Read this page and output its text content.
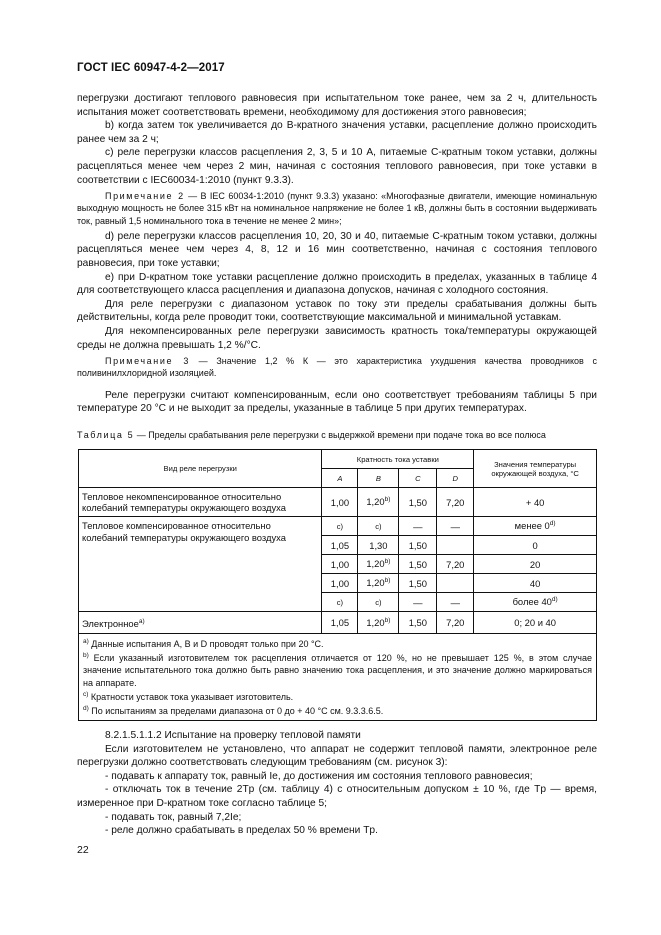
ГОСТ IEC 60947-4-2—2017

перегрузки достигают теплового равновесия при испытательном токе ранее, чем за 2 ч, длительность испытания может соответствовать времени, необходимому для достижения этого равновесия;

b) когда затем ток увеличивается до B-кратного значения уставки, расцепление должно происходить ранее чем за 2 ч;

с) реле перегрузки классов расцепления 2, 3, 5 и 10 А, питаемые C-кратным током уставки, должны расцепляться менее чем через 2 мин, начиная с состояния теплового равновесия, при токе уставки в соответствии с IEC60034-1:2010 (пункт 9.3.3).

Примечание 2 — В IEC 60034-1:2010 (пункт 9.3.3) указано: «Многофазные двигатели, имеющие номинальную выходную мощность не более 315 кВт на номинальное напряжение не более 1 кВ, должны быть в состоянии выдерживать ток, равный 1,5 номинального тока в течение не менее 2 мин»;

d) реле перегрузки классов расцепления 10, 20, 30 и 40, питаемые C-кратным током уставки, должны расцепляться менее чем через 4, 8, 12 и 16 мин соответственно, начиная с состояния теплового равновесия, при токе уставки;

е) при D-кратном токе уставки расцепление должно происходить в пределах, указанных в таблице 4 для соответствующего класса расцепления и диапазона допусков, начиная с холодного состояния.

Для реле перегрузки с диапазоном уставок по току эти пределы срабатывания должны быть действительны, когда реле проводит токи, соответствующие максимальной и минимальной уставкам.

Для некомпенсированных реле перегрузки зависимость кратность тока/температуры окружающей среды не должна превышать 1,2 %/°С.

Примечание 3 — Значение 1,2 % К — это характеристика ухудшения качества проводников с поливинилхлоридной изоляцией.

Реле перегрузки считают компенсированным, если оно соответствует требованиям таблицы 5 при температуре 20 °С и не выходит за пределы, указанные в таблице 5 при других температурах.

Таблица 5 — Пределы срабатывания реле перегрузки с выдержкой времени при подаче тока во все полюса
Вид реле перегрузки	Кратность тока уставки				Значения температуры окружающей воздуха, °С
	A	B	C	D	
Тепловое некомпенсированное относительно колебаний температуры окружающего воздуха	1,00	1,20$^{b)}$	1,50	7,20	+ 40
Тепловое компенсированное относительно колебаний температуры окружающего воздуха	c)	c)	—	—	менее 0$^{d)}$
	1,05	1,30	1,50		0
	1,00	1,20$^{b)}$	1,50	7,20	20
	1,00	1,20$^{b)}$	1,50		40
	c)	c)	—	—	более 40$^{d)}$
Электронное$^{а)}$	1,05	1,20$^{b)}$	1,50	7,20	0; 20 и 40

$^{а)}$ Данные испытания A, B и D проводят только при 20 °С.
$^{b)}$ Если указанный изготовителем ток расцепления отличается от 120 %, но не превышает 125 %, в этом случае значение испытательного тока должно быть равно значению тока расцепления, и это значение должно маркироваться на аппарате.
$^{с)}$ Кратности уставок тока указывает изготовитель.
$^{d)}$ По испытаниям за пределами диапазона от 0 до + 40 °С см. 9.3.3.6.5.					

8.2.1.5.1.1.2 Испытание на проверку тепловой памяти

Если изготовителем не установлено, что аппарат не содержит тепловой памяти, электронное реле перегрузки должно соответствовать следующим требованиям (см. рисунок 3):

- подавать к аппарату ток, равный Ie, до достижения им состояния теплового равновесия;

- отключать ток в течение 2Tp (см. таблицу 4) с относительным допуском ± 10 %, где Tp — время, измеренное при D-кратном токе согласно таблице 5;

- подавать ток, равный 7,2Ie;

- реле должно срабатывать в пределах 50 % времени Tp.

22
